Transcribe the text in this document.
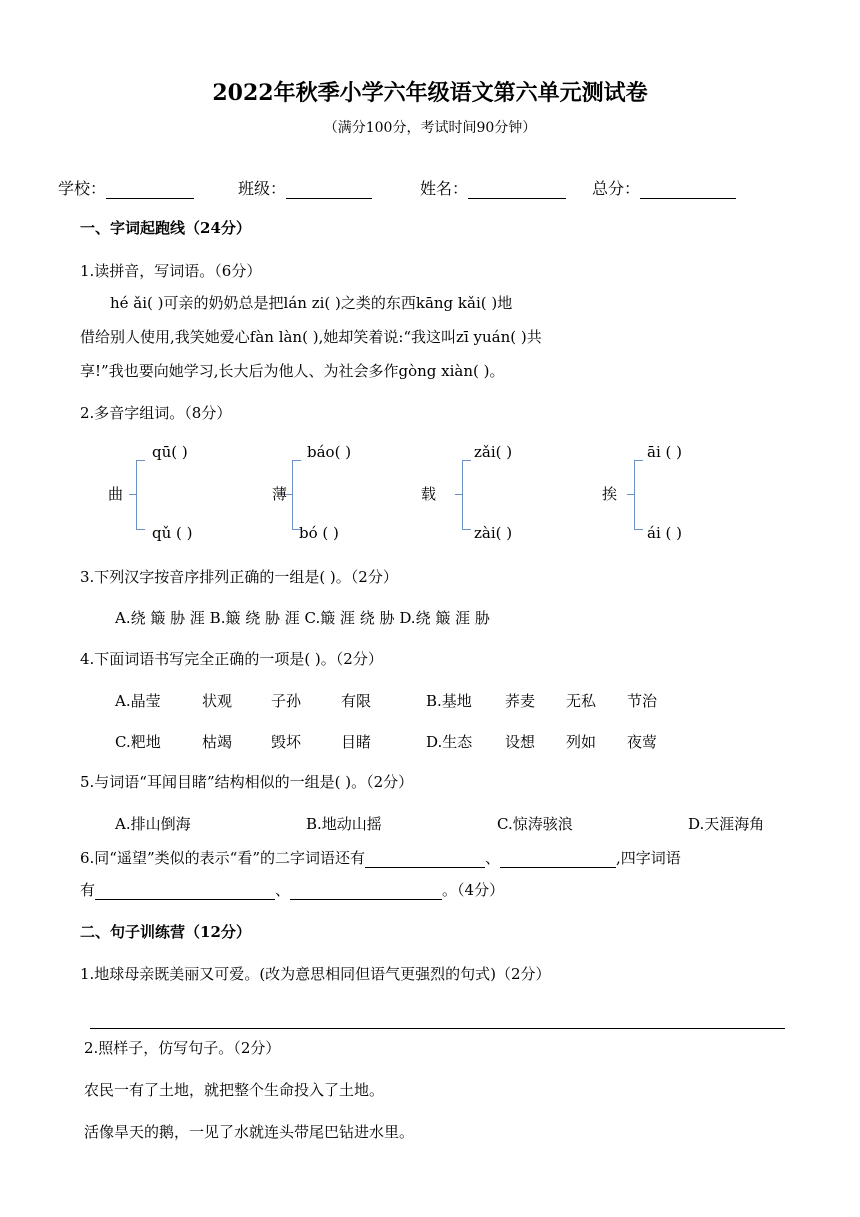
2022年秋季小学六年级语文第六单元测试卷
（满分100分，考试时间90分钟）
学校：	班级：	姓名：	总分：
一、字词起跑线（24分）
1.读拼音，写词语。（6分）
hé ǎi( )可亲的奶奶总是把lán zi( )之类的东西kāng kǎi( )地
借给别人使用,我笑她爱心fàn làn( ),她却笑着说:“我这叫zī yuán( )共
享!”我也要向她学习,长大后为他人、为社会多作gòng xiàn( )。
2.多音字组词。（8分）
曲
qū( )
qǔ ( )
薄
báo( )
bó ( )
载
zǎi( )
zài( )
挨
āi ( )
ái ( )
3.下列汉字按音序排列正确的一组是( )。（2分）
A.绕 簸 胁 涯 B.簸 绕 胁 涯 C.簸 涯 绕 胁 D.绕 簸 涯 胁
4.下面词语书写完全正确的一项是( )。（2分）
A.晶莹	状观	子孙	有限	B.基地 荞麦 无私 节治
C.粑地	枯竭	毁坏	目睹	D.生态 设想 列如 夜莺
5.与词语“耳闻目睹”结构相似的一组是( )。（2分）
A.排山倒海	B.地动山摇	C.惊涛骇浪	D.天涯海角
6.同“遥望”类似的表示“看”的二字词语还有	、	,四字词语
有	、	。（4分）
二、句子训练营（12分）
1.地球母亲既美丽又可爱。(改为意思相同但语气更强烈的句式)（2分）
2.照样子，仿写句子。（2分）
农民一有了土地，就把整个生命投入了土地。
活像旱天的鹅，一见了水就连头带尾巴钻进水里。
